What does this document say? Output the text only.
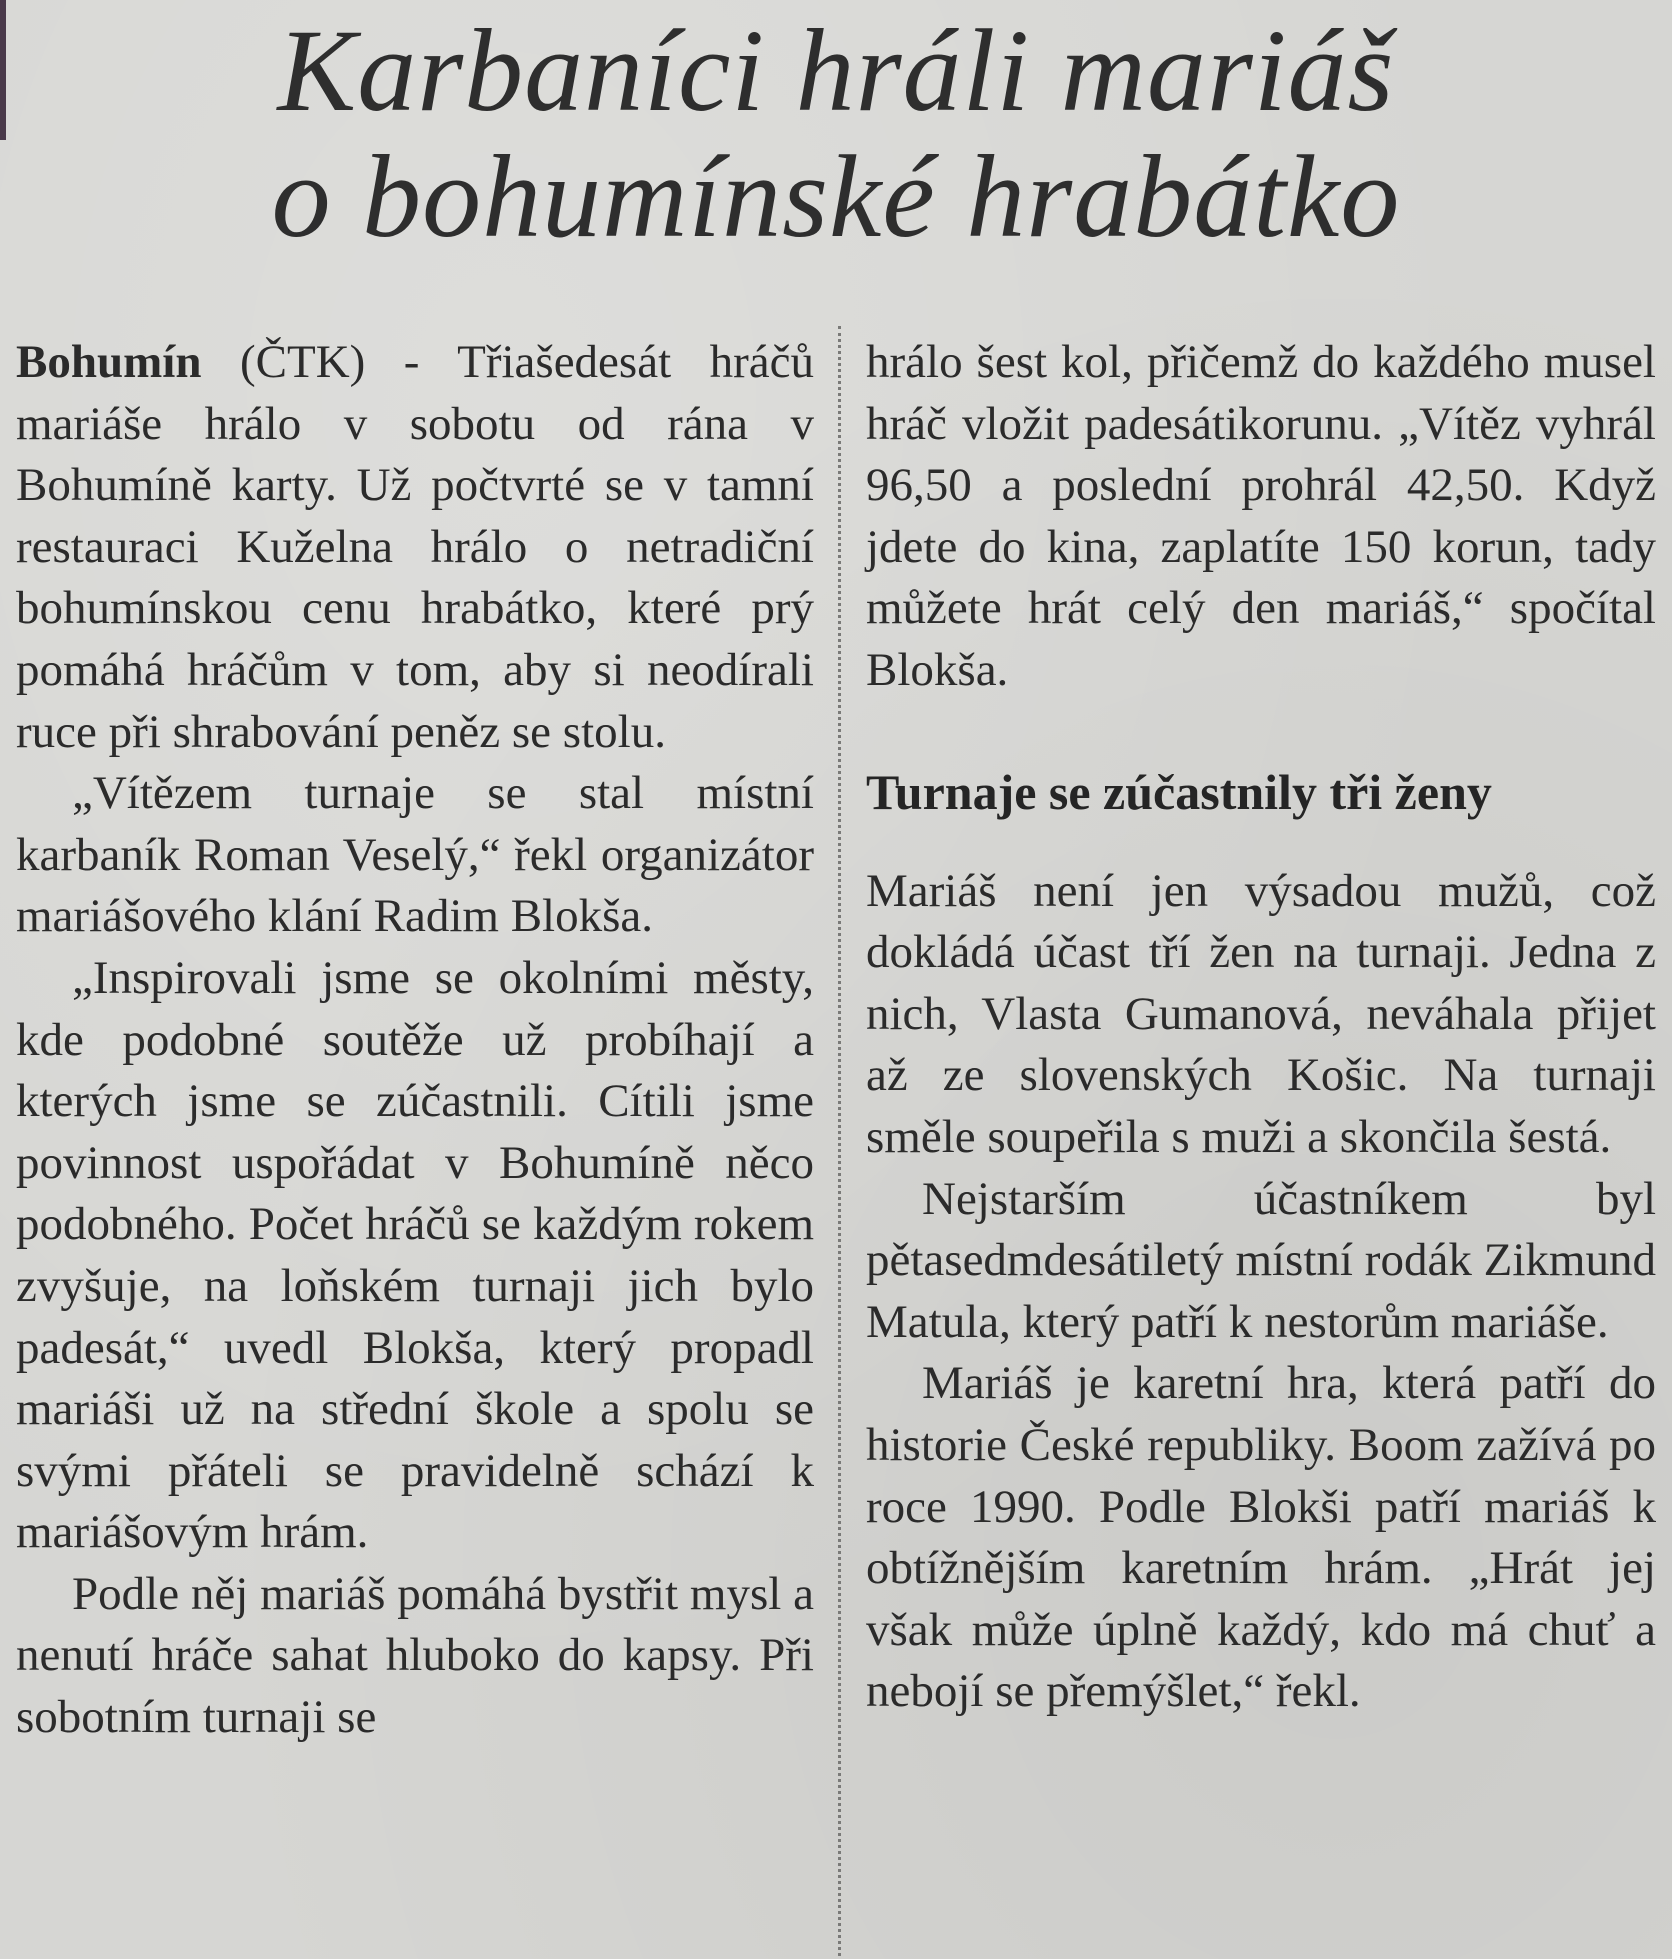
Karbaníci hráli mariáš
o bohumínské hrabátko

Bohumín (ČTK) - Třiašedesát hráčů mariáše hrálo v sobotu od rána v Bohumíně karty. Už počtvrté se v tamní restauraci Kuželna hrálo o netradiční bohumínskou cenu hrabátko, které prý pomáhá hráčům v tom, aby si neodírali ruce při shrabování peněz se stolu.

„Vítězem turnaje se stal místní karbaník Roman Veselý,“ řekl organizátor mariášového klání Radim Blokša.

„Inspirovali jsme se okolními městy, kde podobné soutěže už probíhají a kterých jsme se zúčastnili. Cítili jsme povinnost uspořádat v Bohumíně něco podobného. Počet hráčů se každým rokem zvyšuje, na loňském turnaji jich bylo padesát,“ uvedl Blokša, který propadl mariáši už na střední škole a spolu se svými přáteli se pravidelně schází k mariášovým hrám.

Podle něj mariáš pomáhá bystřit mysl a nenutí hráče sahat hluboko do kapsy. Při sobotním turnaji se

hrálo šest kol, přičemž do každého musel hráč vložit padesátikorunu. „Vítěz vyhrál 96,50 a poslední prohrál 42,50. Když jdete do kina, zaplatíte 150 korun, tady můžete hrát celý den mariáš,“ spočítal Blokša.

Turnaje se zúčastnily tři ženy

Mariáš není jen výsadou mužů, což dokládá účast tří žen na turnaji. Jedna z nich, Vlasta Gumanová, neváhala přijet až ze slovenských Košic. Na turnaji směle soupeřila s muži a skončila šestá.

Nejstarším účastníkem byl pětasedmdesátiletý místní rodák Zikmund Matula, který patří k nestorům mariáše.

Mariáš je karetní hra, která patří do historie České republiky. Boom zažívá po roce 1990. Podle Blokši patří mariáš k obtížnějším karetním hrám. „Hrát jej však může úplně každý, kdo má chuť a nebojí se přemýšlet,“ řekl.
